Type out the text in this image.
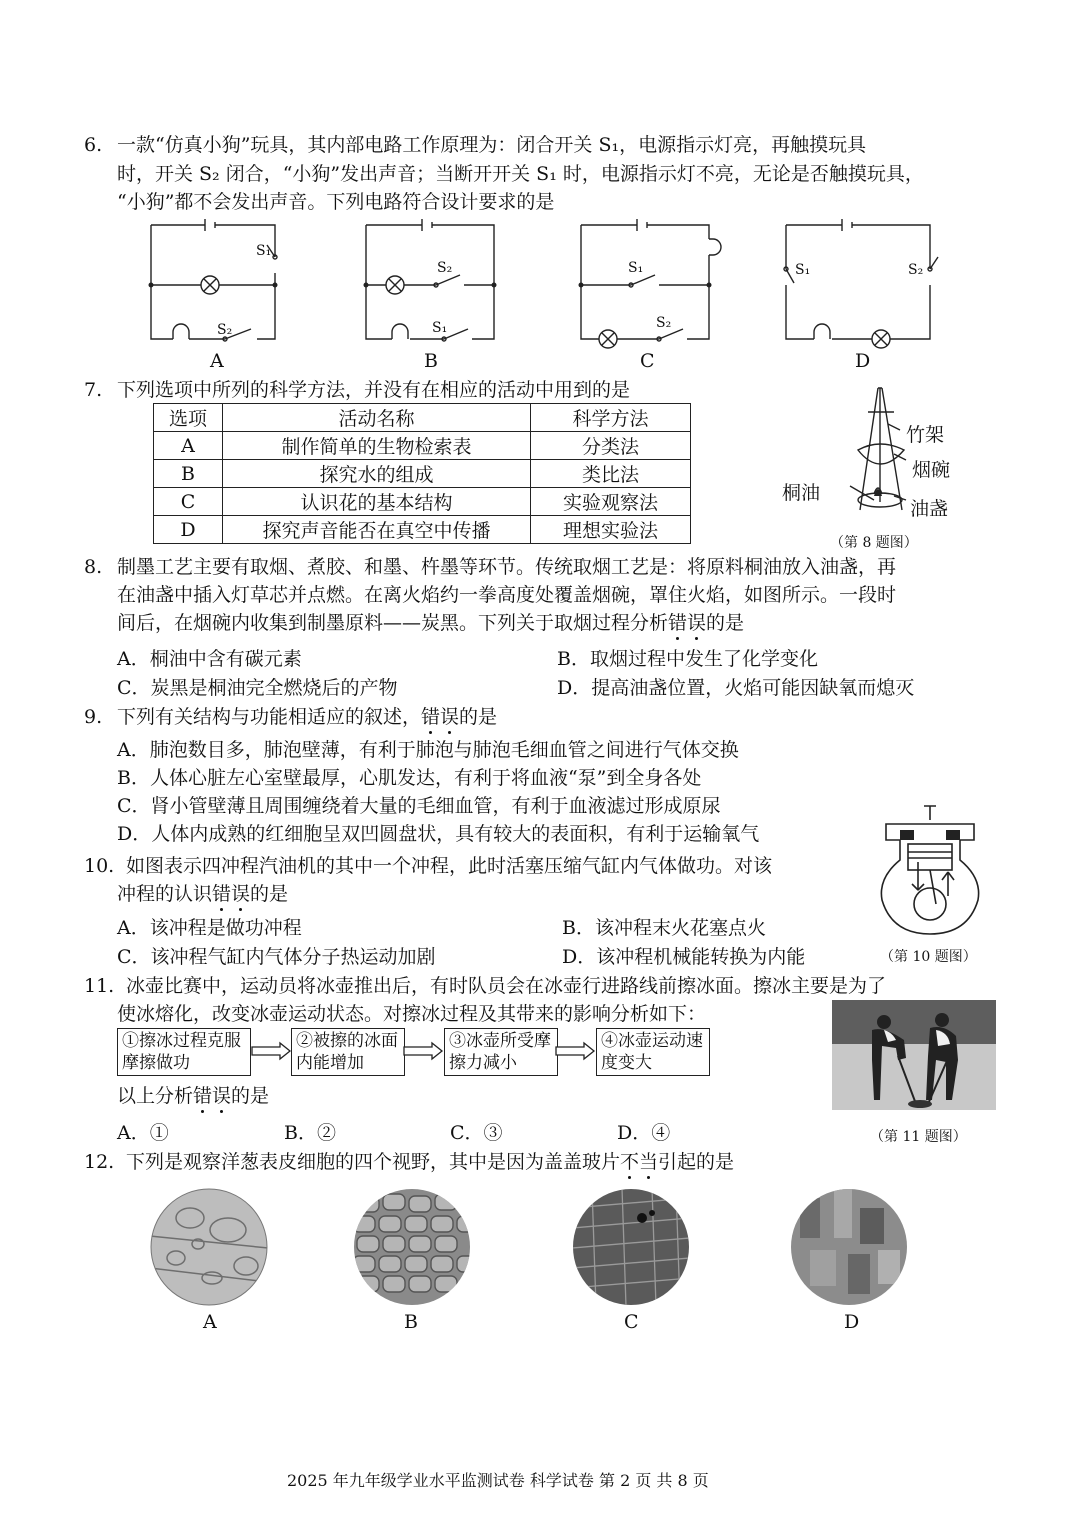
6. 一款“仿真小狗”玩具，其内部电路工作原理为：闭合开关 S₁，电源指示灯亮，再触摸玩具
时，开关 S₂ 闭合，“小狗”发出声音；当断开开关 S₁ 时，电源指示灯不亮，无论是否触摸玩具，
“小狗”都不会发出声音。下列电路符合设计要求的是
S₁
S₂
A
S₂
S₁
B
S₁
S₂
C
S₁	S₂
D
7. 下列选项中所列的科学方法，并没有在相应的活动中用到的是
选项	活动名称	科学方法
A	制作简单的生物检索表	分类法
B	探究水的组成	类比法
C	认识花的基本结构	实验观察法
D	探究声音能否在真空中传播	理想实验法
竹架
烟碗
桐油
油盏
（第 8 题图）
8. 制墨工艺主要有取烟、煮胶、和墨、杵墨等环节。传统取烟工艺是：将原料桐油放入油盏，再
在油盏中插入灯草芯并点燃。在离火焰约一拳高度处覆盖烟碗，罩住火焰，如图所示。一段时
间后，在烟碗内收集到制墨原料——炭黑。下列关于取烟过程分析错误的是
A．桐油中含有碳元素	B．取烟过程中发生了化学变化
C．炭黑是桐油完全燃烧后的产物	D．提高油盏位置，火焰可能因缺氧而熄灭
9. 下列有关结构与功能相适应的叙述，错误的是
A．肺泡数目多，肺泡壁薄，有利于肺泡与肺泡毛细血管之间进行气体交换
B．人体心脏左心室壁最厚，心肌发达，有利于将血液“泵”到全身各处
C．肾小管壁薄且周围缠绕着大量的毛细血管，有利于血液滤过形成原尿
D．人体内成熟的红细胞呈双凹圆盘状，具有较大的表面积，有利于运输氧气
10. 如图表示四冲程汽油机的其中一个冲程，此时活塞压缩气缸内气体做功。对该
冲程的认识错误的是
A．该冲程是做功冲程	B．该冲程末火花塞点火
C．该冲程气缸内气体分子热运动加剧	D．该冲程机械能转换为内能	（第 10 题图）
11. 冰壶比赛中，运动员将冰壶推出后，有时队员会在冰壶行进路线前擦冰面。擦冰主要是为了
使冰熔化，改变冰壶运动状态。对擦冰过程及其带来的影响分析如下：
①擦冰过程克服摩擦做功
②被擦的冰面内能增加
③冰壶所受摩擦力减小
④冰壶运动速度变大
以上分析错误的是
A．①	B．②	C．③	D．④	（第 11 题图）
12. 下列是观察洋葱表皮细胞的四个视野，其中是因为盖盖玻片不当引起的是
A	B	C	D
2025 年九年级学业水平监测试卷 科学试卷 第 2 页 共 8 页
